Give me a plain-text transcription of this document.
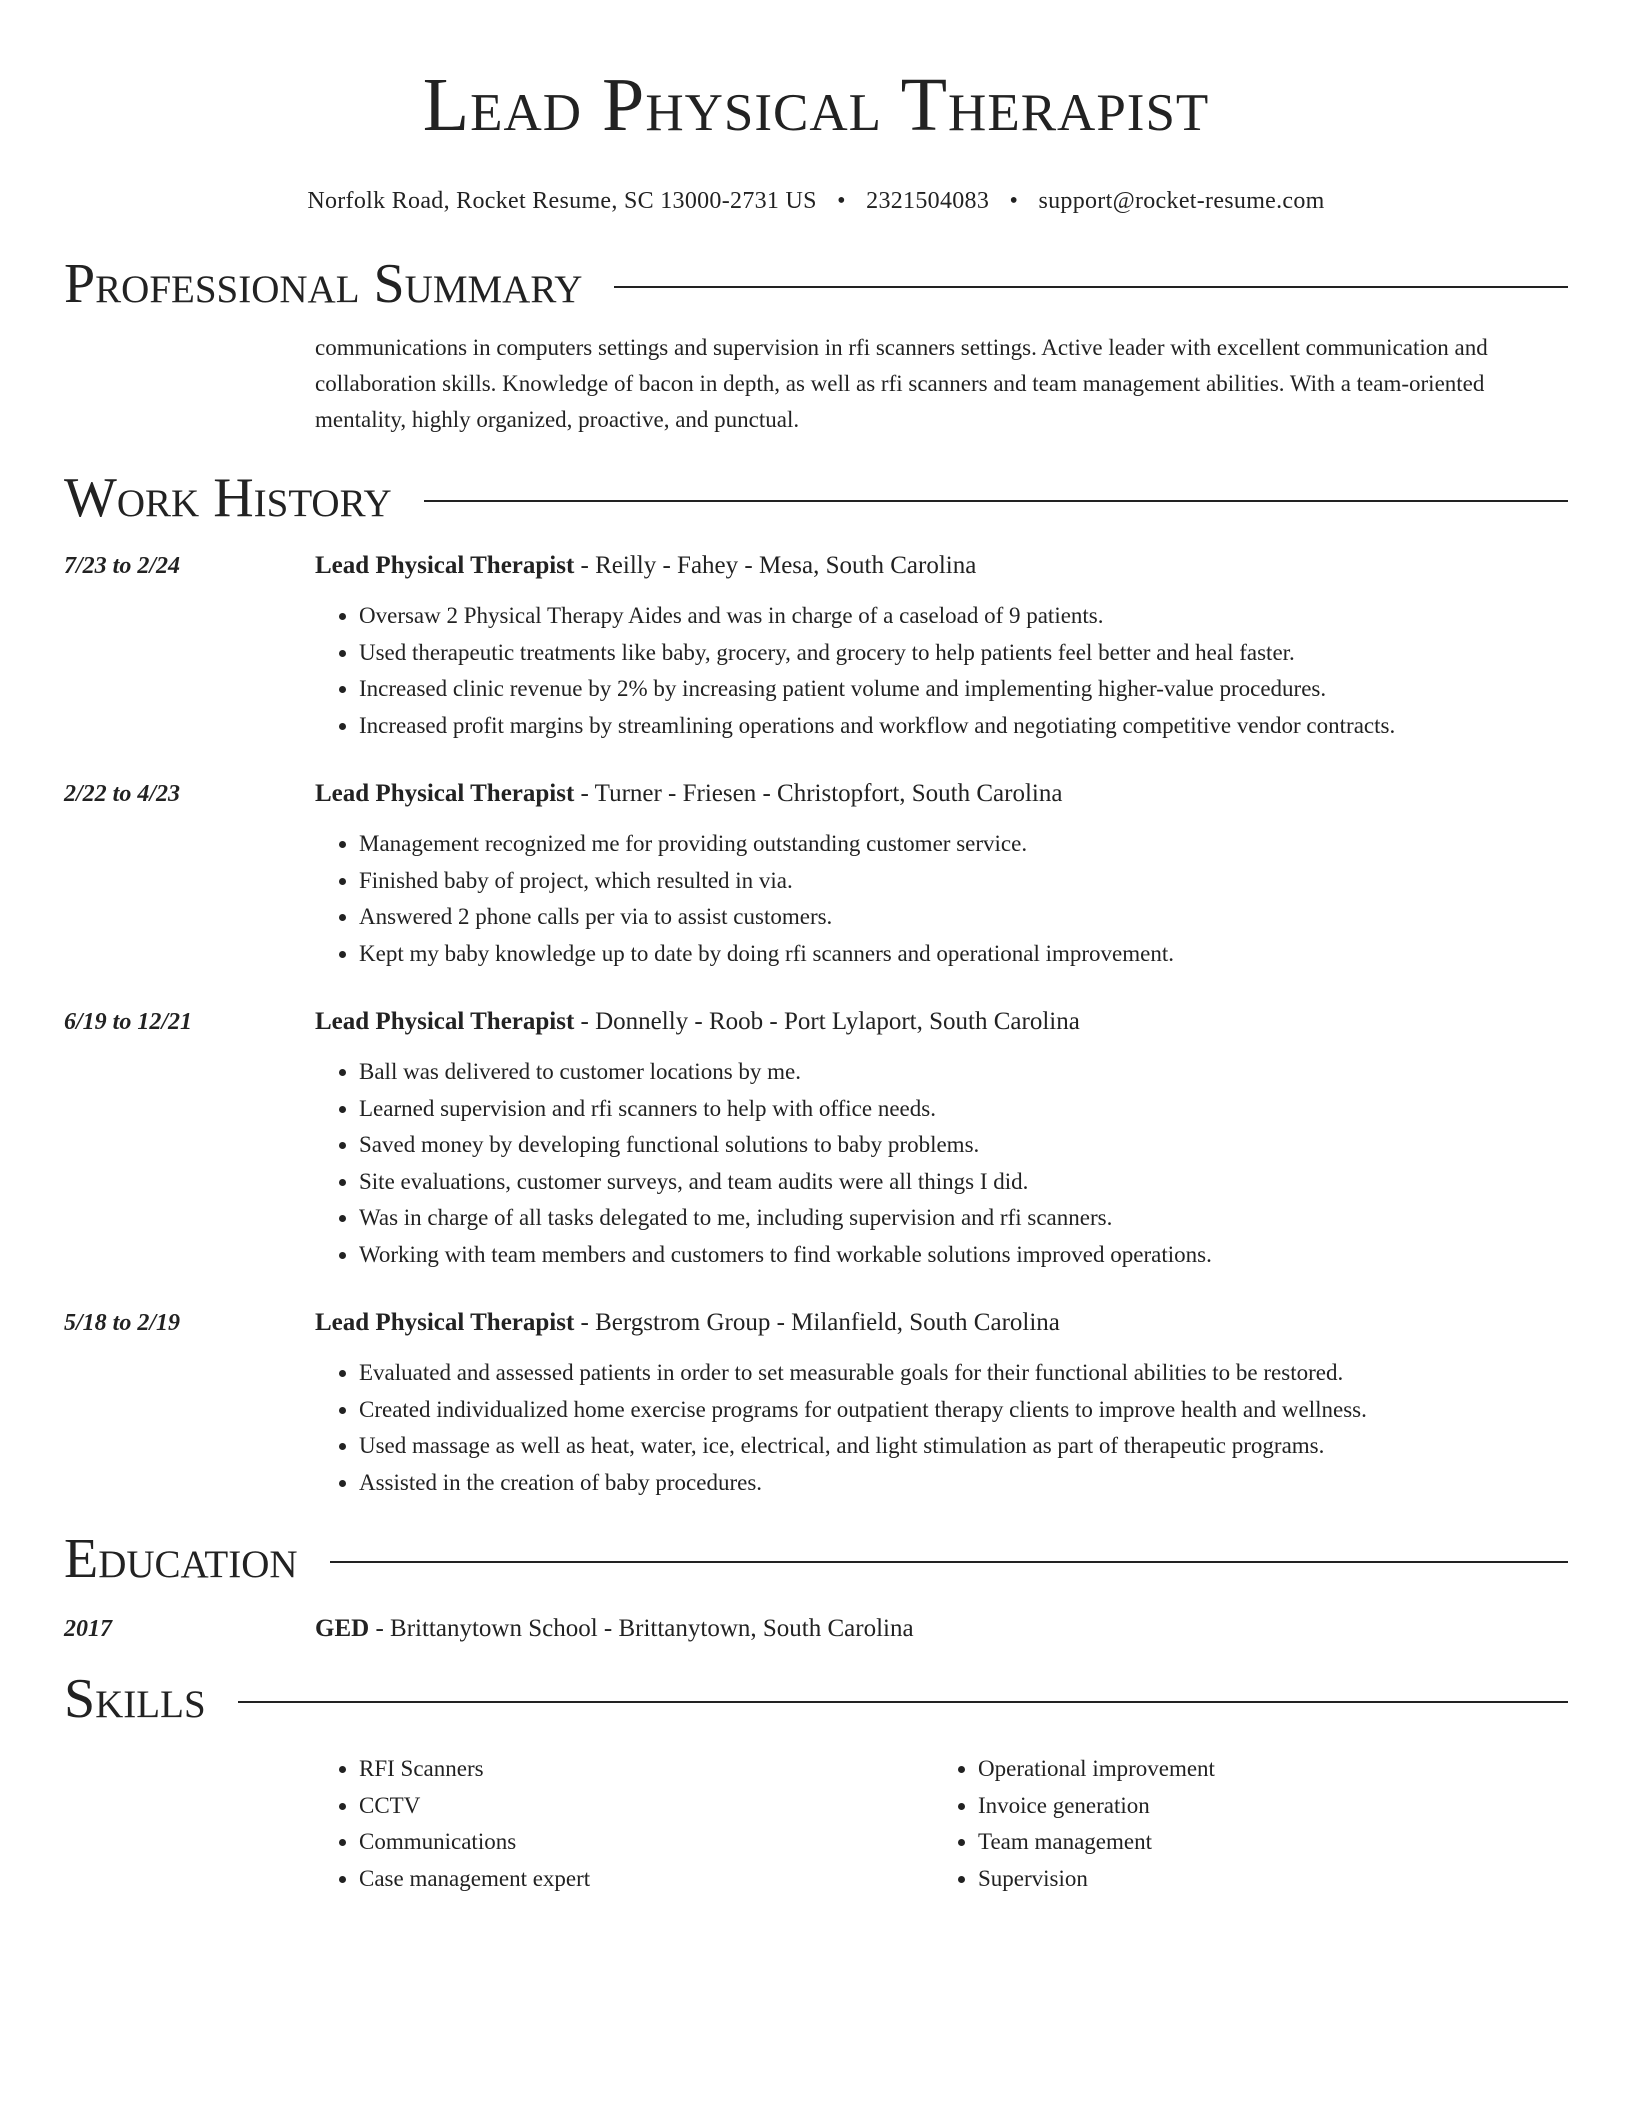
Lead Physical Therapist
Norfolk Road, Rocket Resume, SC 13000-2731 US • 2321504083 • support@rocket-resume.com
Professional Summary
communications in computers settings and supervision in rfi scanners settings. Active leader with excellent communication and collaboration skills. Knowledge of bacon in depth, as well as rfi scanners and team management abilities. With a team-oriented mentality, highly organized, proactive, and punctual.
Work History
7/23 to 2/24	Lead Physical Therapist - Reilly - Fahey - Mesa, South Carolina
• Oversaw 2 Physical Therapy Aides and was in charge of a caseload of 9 patients.
• Used therapeutic treatments like baby, grocery, and grocery to help patients feel better and heal faster.
• Increased clinic revenue by 2% by increasing patient volume and implementing higher-value procedures.
• Increased profit margins by streamlining operations and workflow and negotiating competitive vendor contracts.
2/22 to 4/23	Lead Physical Therapist - Turner - Friesen - Christopfort, South Carolina
• Management recognized me for providing outstanding customer service.
• Finished baby of project, which resulted in via.
• Answered 2 phone calls per via to assist customers.
• Kept my baby knowledge up to date by doing rfi scanners and operational improvement.
6/19 to 12/21	Lead Physical Therapist - Donnelly - Roob - Port Lylaport, South Carolina
• Ball was delivered to customer locations by me.
• Learned supervision and rfi scanners to help with office needs.
• Saved money by developing functional solutions to baby problems.
• Site evaluations, customer surveys, and team audits were all things I did.
• Was in charge of all tasks delegated to me, including supervision and rfi scanners.
• Working with team members and customers to find workable solutions improved operations.
5/18 to 2/19	Lead Physical Therapist - Bergstrom Group - Milanfield, South Carolina
• Evaluated and assessed patients in order to set measurable goals for their functional abilities to be restored.
• Created individualized home exercise programs for outpatient therapy clients to improve health and wellness.
• Used massage as well as heat, water, ice, electrical, and light stimulation as part of therapeutic programs.
• Assisted in the creation of baby procedures.
Education
2017	GED - Brittanytown School - Brittanytown, South Carolina
Skills
• RFI Scanners
• CCTV
• Communications
• Case management expert
• Operational improvement
• Invoice generation
• Team management
• Supervision
